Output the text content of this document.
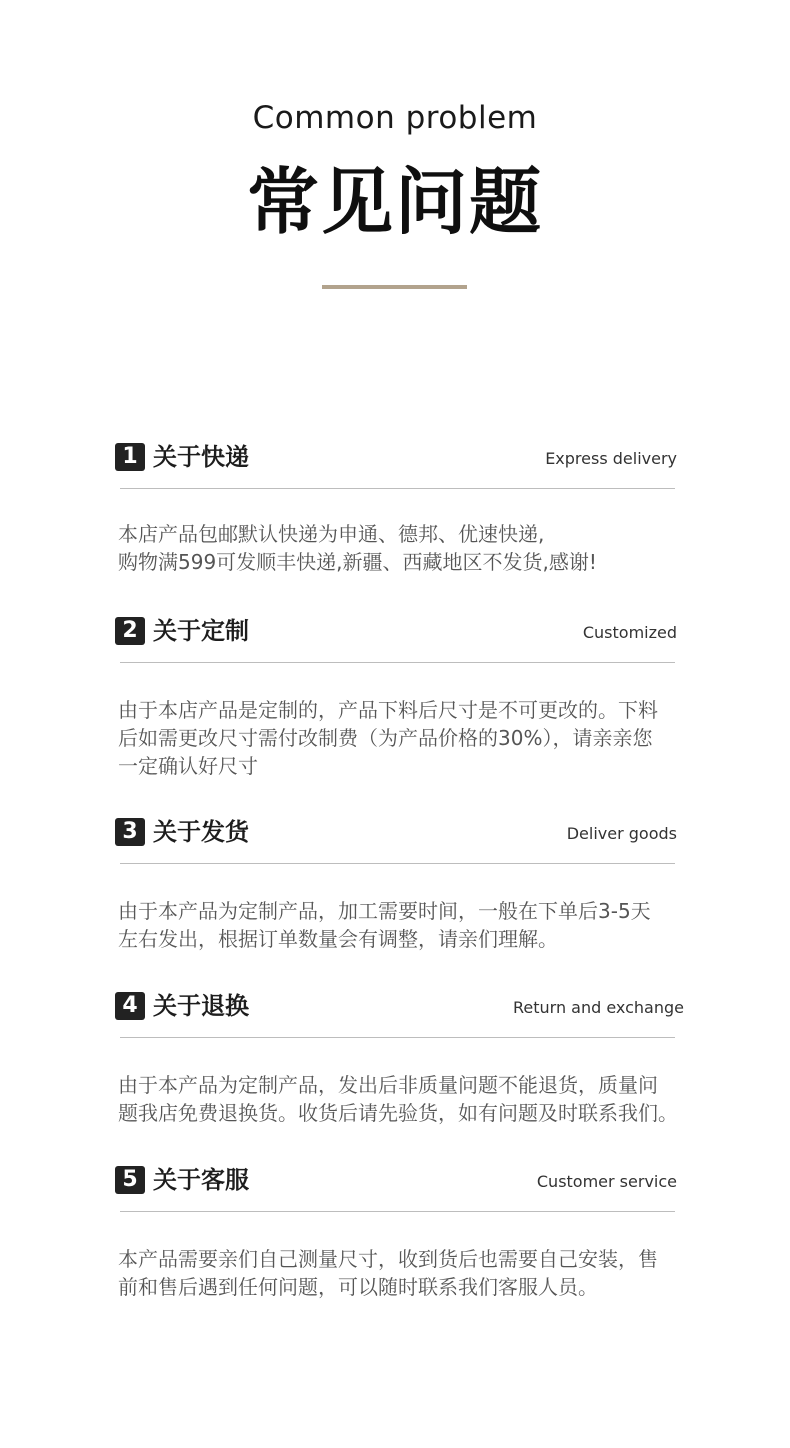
Common problem
常见问题
1 关于快递	Express delivery

本店产品包邮默认快递为申通、德邦、优速快递,

购物满599可发顺丰快递,新疆、西藏地区不发货,感谢!

2 关于定制	Customized

由于本店产品是定制的，产品下料后尺寸是不可更改的。下料

后如需更改尺寸需付改制费（为产品价格的30%），请亲亲您

一定确认好尺寸

3 关于发货	Deliver goods

由于本产品为定制产品，加工需要时间，一般在下单后3-5天

左右发出，根据订单数量会有调整，请亲们理解。

4 关于退换	Return and exchange

由于本产品为定制产品，发出后非质量问题不能退货，质量问

题我店免费退换货。收货后请先验货，如有问题及时联系我们。

5 关于客服	Customer service

本产品需要亲们自己测量尺寸，收到货后也需要自己安装，售

前和售后遇到任何问题，可以随时联系我们客服人员。
